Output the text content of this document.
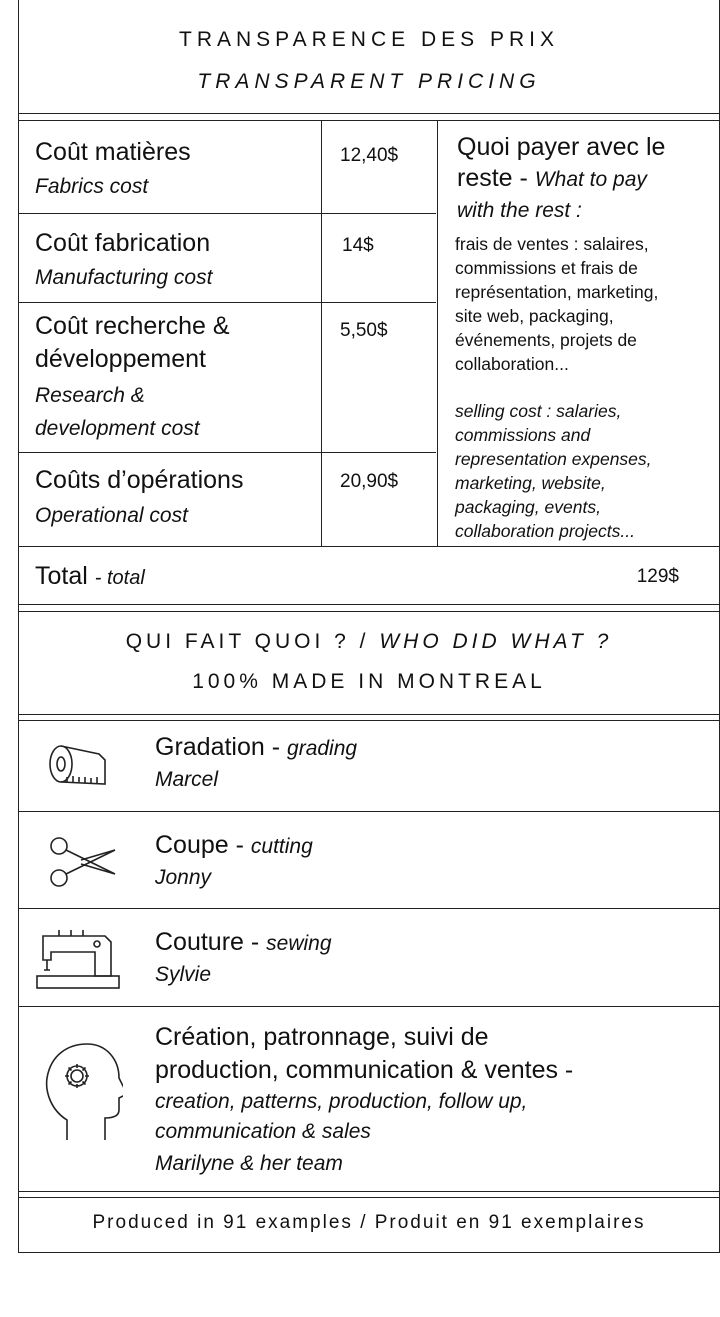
TRANSPARENCE DES PRIX
TRANSPARENT PRICING
Coût matières
Fabrics cost
12,40$
Coût fabrication
Manufacturing cost
14$
Coût recherche &
développement
Research &
development cost
5,50$
Coûts d’opérations
Operational cost
20,90$
Quoi payer avec le
reste - What to pay
with the rest :
frais de ventes : salaires,
commissions et frais de
représentation, marketing,
site web, packaging,
événements, projets de
collaboration...
selling cost : salaries,
commissions and
representation expenses,
marketing, website,
packaging, events,
collaboration projects...
Total - total	129$
QUI FAIT QUOI ? / WHO DID WHAT ?
100% MADE IN MONTREAL
Gradation - grading
Marcel
Coupe - cutting
Jonny
Couture - sewing
Sylvie
Création, patronnage, suivi de
production, communication & ventes -
creation, patterns, production, follow up,
communication & sales
Marilyne & her team
Produced in 91 examples / Produit en 91 exemplaires
